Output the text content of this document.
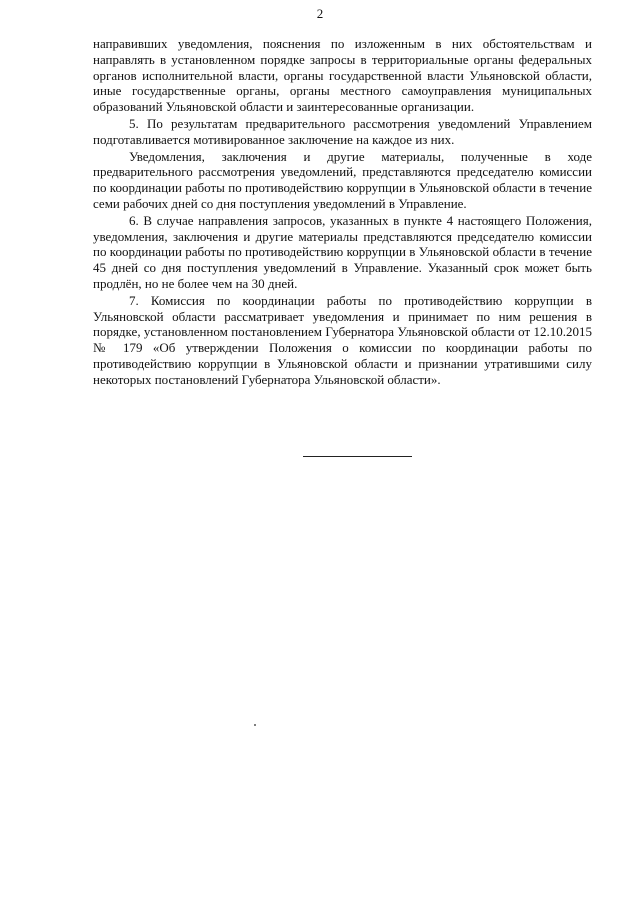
2

направивших уведомления, пояснения по изложенным в них обстоятельствам и направлять в установленном порядке запросы в территориальные органы федеральных органов исполнительной власти, органы государственной власти Ульяновской области, иные государственные органы, органы местного самоуправления муниципальных образований Ульяновской области и заинтересованные организации.

5. По результатам предварительного рассмотрения уведомлений Управлением подготавливается мотивированное заключение на каждое из них.

Уведомления, заключения и другие материалы, полученные в ходе предварительного рассмотрения уведомлений, представляются председателю комиссии по координации работы по противодействию коррупции в Ульяновской области в течение семи рабочих дней со дня поступления уведомлений в Управление.

6. В случае направления запросов, указанных в пункте 4 настоящего Положения, уведомления, заключения и другие материалы представляются председателю комиссии по координации работы по противодействию коррупции в Ульяновской области в течение 45 дней со дня поступления уведомлений в Управление. Указанный срок может быть продлён, но не более чем на 30 дней.

7. Комиссия по координации работы по противодействию коррупции в Ульяновской области рассматривает уведомления и принимает по ним решения в порядке, установленном постановлением Губернатора Ульяновской области от 12.10.2015 № 179 «Об утверждении Положения о комиссии по координации работы по противодействию коррупции в Ульяновской области и признании утратившими силу некоторых постановлений Губернатора Ульяновской области».
